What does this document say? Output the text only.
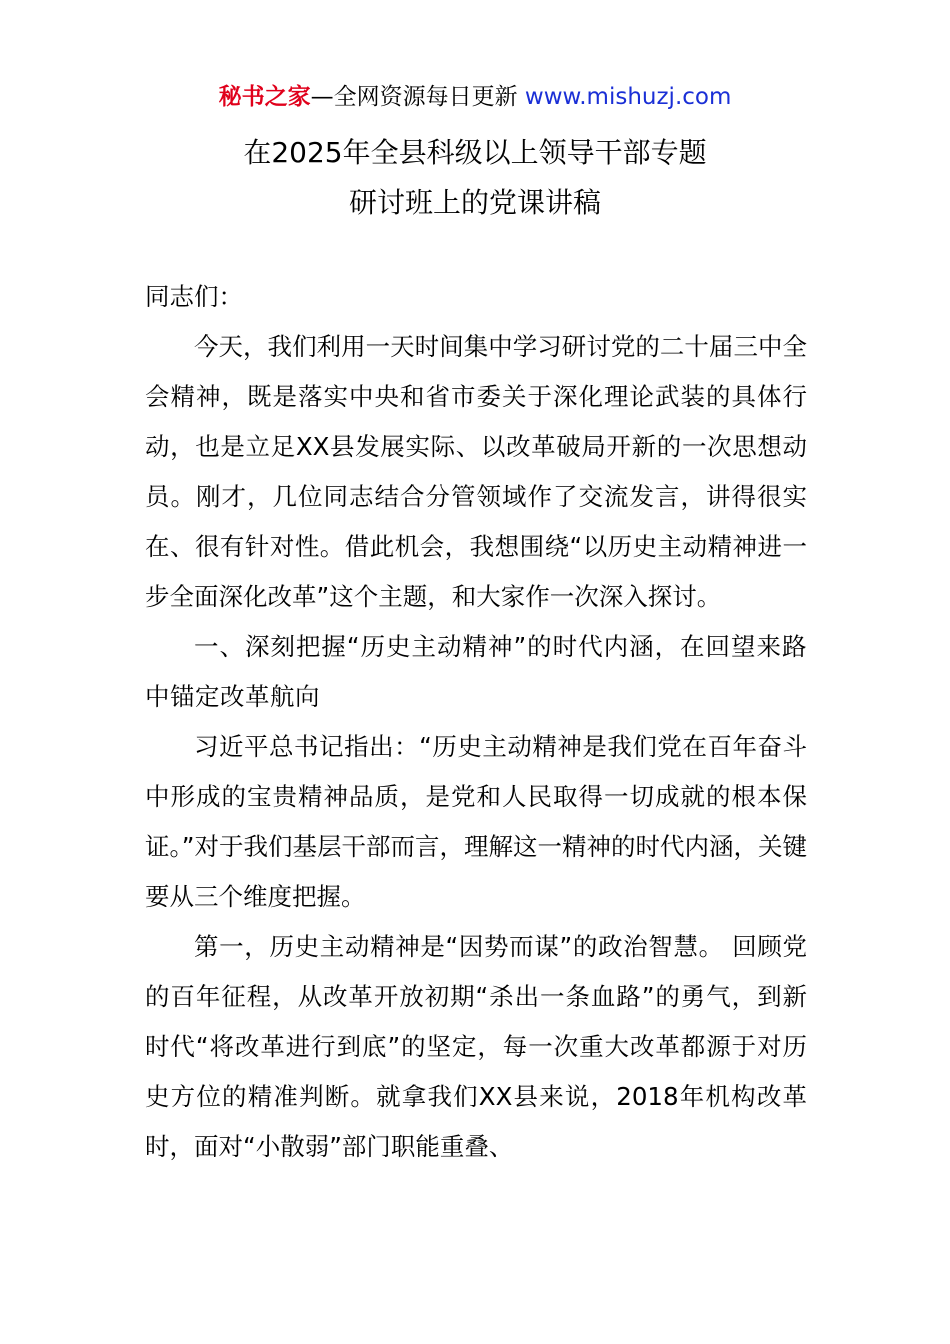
秘书之家—全网资源每日更新 www.mishuzj.com
在2025年全县科级以上领导干部专题
研讨班上的党课讲稿

同志们：

今天，我们利用一天时间集中学习研讨党的二十届三中全会精神，既是落实中央和省市委关于深化理论武装的具体行动，也是立足XX县发展实际、以改革破局开新的一次思想动员。刚才，几位同志结合分管领域作了交流发言，讲得很实在、很有针对性。借此机会，我想围绕“以历史主动精神进一步全面深化改革”这个主题，和大家作一次深入探讨。

一、深刻把握“历史主动精神”的时代内涵，在回望来路中锚定改革航向

习近平总书记指出：“历史主动精神是我们党在百年奋斗中形成的宝贵精神品质，是党和人民取得一切成就的根本保证。”对于我们基层干部而言，理解这一精神的时代内涵，关键要从三个维度把握。

第一，历史主动精神是“因势而谋”的政治智慧。 回顾党的百年征程，从改革开放初期“杀出一条血路”的勇气，到新时代“将改革进行到底”的坚定，每一次重大改革都源于对历史方位的精准判断。就拿我们XX县来说，2018年机构改革时，面对“小散弱”部门职能重叠、
